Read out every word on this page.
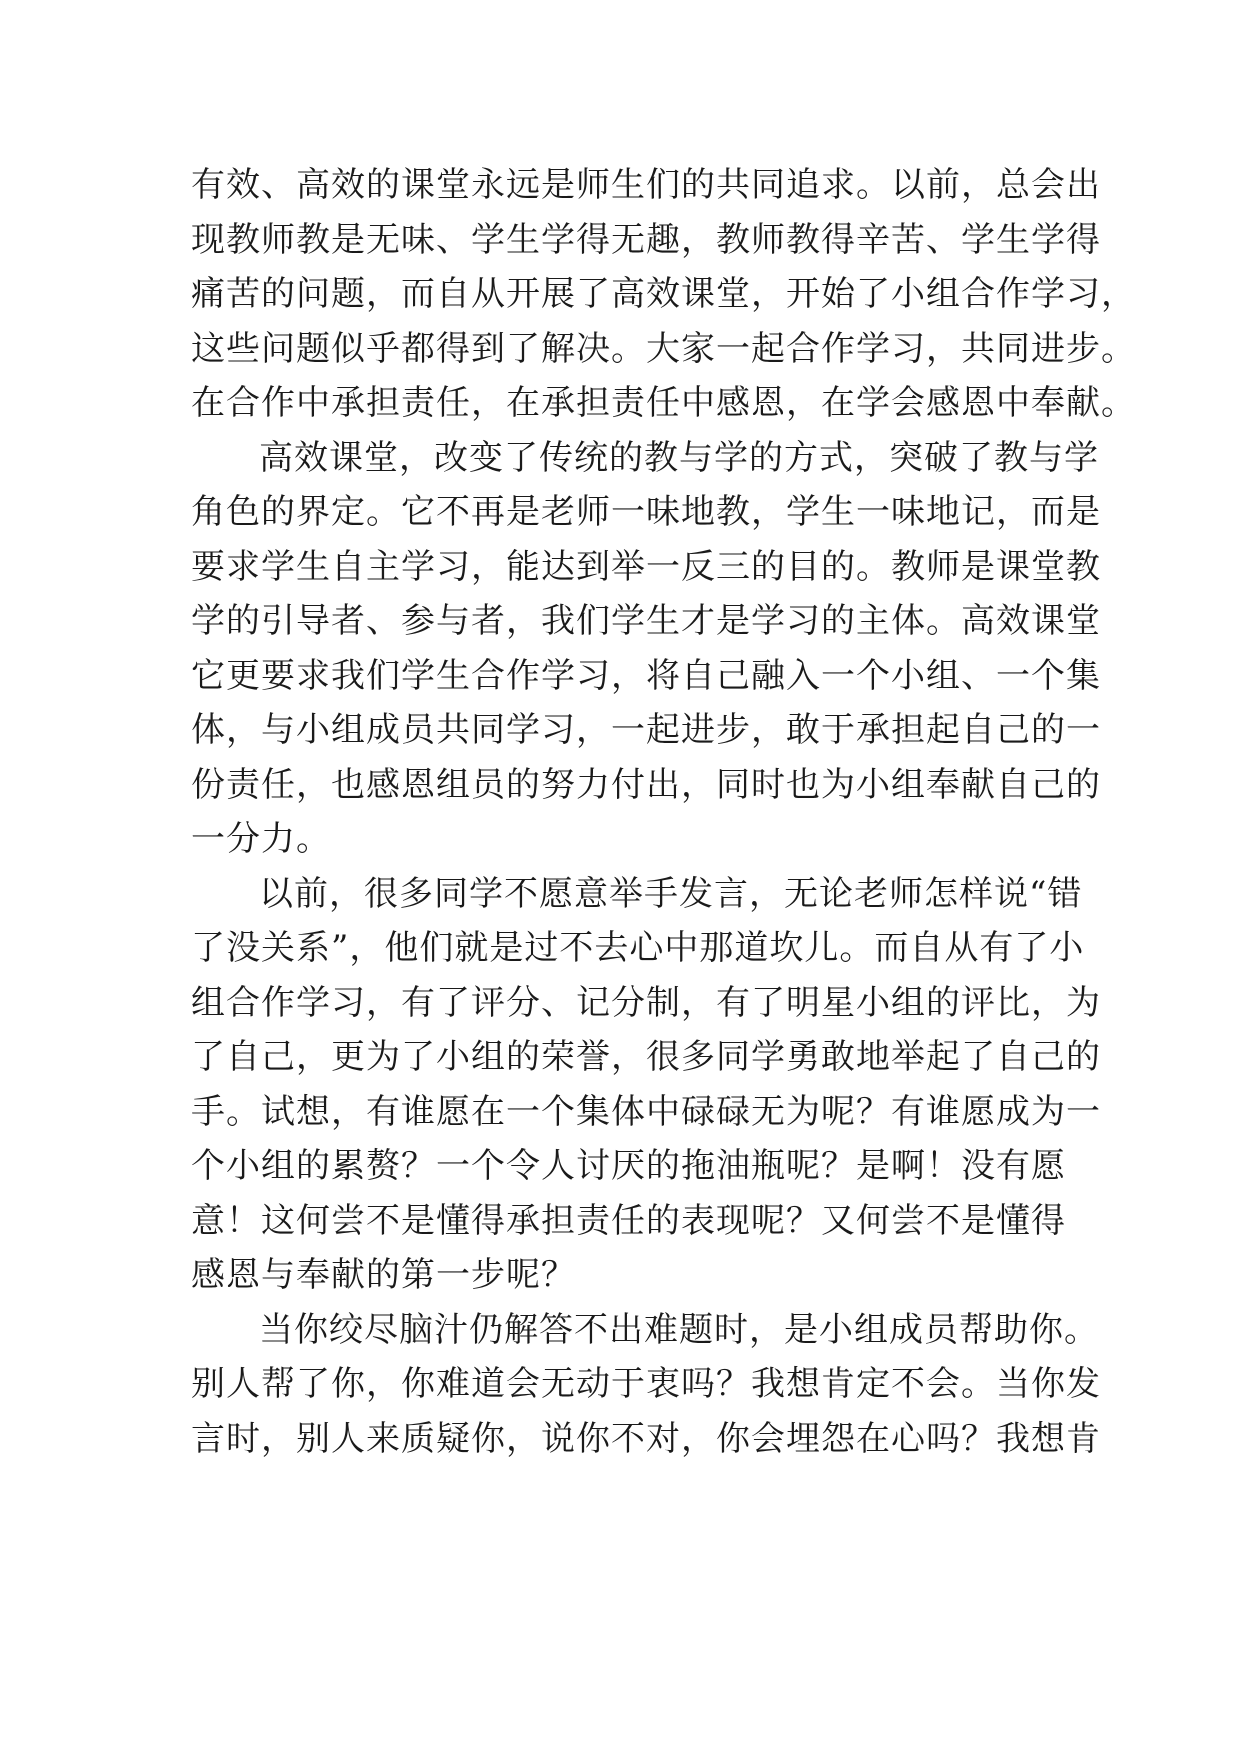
有效、高效的课堂永远是师生们的共同追求。以前，总会出
现教师教是无味、学生学得无趣，教师教得辛苦、学生学得
痛苦的问题，而自从开展了高效课堂，开始了小组合作学习，
这些问题似乎都得到了解决。大家一起合作学习，共同进步。
在合作中承担责任，在承担责任中感恩，在学会感恩中奉献。
高效课堂，改变了传统的教与学的方式，突破了教与学
角色的界定。它不再是老师一味地教，学生一味地记，而是
要求学生自主学习，能达到举一反三的目的。教师是课堂教
学的引导者、参与者，我们学生才是学习的主体。高效课堂
它更要求我们学生合作学习，将自己融入一个小组、一个集
体，与小组成员共同学习，一起进步，敢于承担起自己的一
份责任，也感恩组员的努力付出，同时也为小组奉献自己的
一分力。
以前，很多同学不愿意举手发言，无论老师怎样说“错
了没关系”，他们就是过不去心中那道坎儿。而自从有了小
组合作学习，有了评分、记分制，有了明星小组的评比，为
了自己，更为了小组的荣誉，很多同学勇敢地举起了自己的
手。试想，有谁愿在一个集体中碌碌无为呢？有谁愿成为一
个小组的累赘？一个令人讨厌的拖油瓶呢？是啊！没有愿
意！这何尝不是懂得承担责任的表现呢？又何尝不是懂得
感恩与奉献的第一步呢？
当你绞尽脑汁仍解答不出难题时，是小组成员帮助你。
别人帮了你，你难道会无动于衷吗？我想肯定不会。当你发
言时，别人来质疑你，说你不对，你会埋怨在心吗？我想肯
